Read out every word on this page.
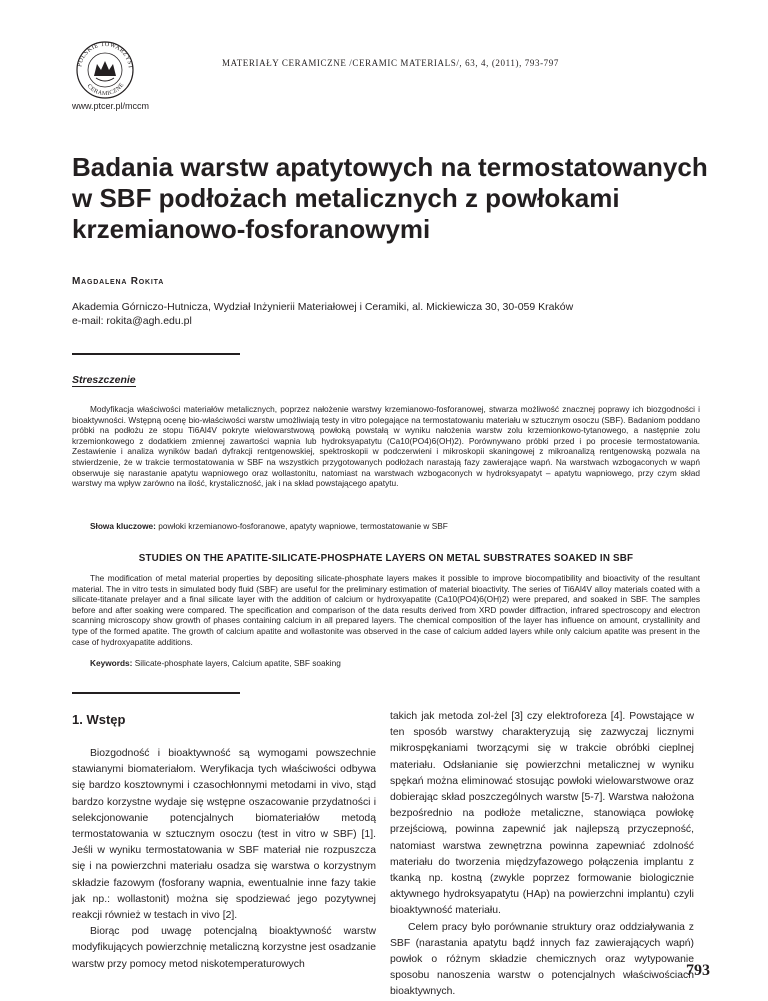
POLSKIE TOWARZYST
CERAMICZNE
MATERIAŁY CERAMICZNE /CERAMIC MATERIALS/, 63, 4, (2011), 793-797
www.ptcer.pl/mccm
Badania warstw apatytowych na termostatowanych w SBF podłożach metalicznych z powłokami krzemianowo-fosforanowymi
Magdalena Rokita
Akademia Górniczo-Hutnicza, Wydział Inżynierii Materiałowej i Ceramiki, al. Mickiewicza 30, 30-059 Kraków
e-mail: rokita@agh.edu.pl
Streszczenie

Modyfikacja właściwości materiałów metalicznych, poprzez nałożenie warstwy krzemianowo-fosforanowej, stwarza możliwość znacznej poprawy ich biozgodności i bioaktywności. Wstępną ocenę bio-właściwości warstw umożliwiają testy in vitro polegające na termostatowaniu materiału w sztucznym osoczu (SBF). Badaniom poddano próbki na podłożu ze stopu Ti6Al4V pokryte wielowarstwową powłoką powstałą w wyniku nałożenia warstw zolu krzemionkowo-tytanowego, a następnie zolu krzemionkowego z dodatkiem zmiennej zawartości wapnia lub hydroksyapatytu (Ca10(PO4)6(OH)2). Porównywano próbki przed i po procesie termostatowania. Zestawienie i analiza wyników badań dyfrakcji rentgenowskiej, spektroskopii w podczerwieni i mikroskopii skaningowej z mikroanalizą rentgenowską pozwala na stwierdzenie, że w trakcie termostatowania w SBF na wszystkich przygotowanych podłożach narastają fazy zawierające wapń. Na warstwach wzbogaconych w wapń obserwuje się narastanie apatytu wapniowego oraz wollastonitu, natomiast na warstwach wzbogaconych w hydroksyapatyt – apatytu wapniowego, przy czym skład warstwy ma wpływ zarówno na ilość, krystaliczność, jak i na skład powstającego apatytu.

Słowa kluczowe: powłoki krzemianowo-fosforanowe, apatyty wapniowe, termostatowanie w SBF
STUDIES ON THE APATITE-SILICATE-PHOSPHATE LAYERS ON METAL SUBSTRATES SOAKED IN SBF

The modification of metal material properties by depositing silicate-phosphate layers makes it possible to improve biocompatibility and bioactivity of the resultant material. The in vitro tests in simulated body fluid (SBF) are useful for the preliminary estimation of material bioactivity. The series of Ti6Al4V alloy materials coated with a silicate-titanate prelayer and a final silicate layer with the addition of calcium or hydroxyapatite (Ca10(PO4)6(OH)2) were prepared, and soaked in SBF. The samples before and after soaking were compared. The specification and comparison of the data results derived from XRD powder diffraction, infrared spectroscopy and electron scanning microscopy show growth of phases containing calcium in all prepared layers. The chemical composition of the layer has influence on amount, crystallinity and type of the formed apatite. The growth of calcium apatite and wollastonite was observed in the case of calcium added layers while only calcium apatite was present in the case of hydroxyapatite additions.

Keywords: Silicate-phosphate layers, Calcium apatite, SBF soaking
1. Wstęp

Biozgodność i bioaktywność są wymogami powszechnie stawianymi biomateriałom. Weryfikacja tych właściwości odbywa się bardzo kosztownymi i czasochłonnymi metodami in vivo, stąd bardzo korzystne wydaje się wstępne oszacowanie przydatności i selekcjonowanie potencjalnych biomateriałów metodą termostatowania w sztucznym osoczu (test in vitro w SBF) [1]. Jeśli w wyniku termostatowania w SBF materiał nie rozpuszcza się i na powierzchni materiału osadza się warstwa o korzystnym składzie fazowym (fosforany wapnia, ewentualnie inne fazy takie jak np.: wollastonit) można się spodziewać jego pozytywnej reakcji również w testach in vivo [2].

Biorąc pod uwagę potencjalną bioaktywność warstw modyfikujących powierzchnię metaliczną korzystne jest osadzanie warstw przy pomocy metod niskotemperaturowych

takich jak metoda zol-żel [3] czy elektroforeza [4]. Powstające w ten sposób warstwy charakteryzują się zazwyczaj licznymi mikrospękaniami tworzącymi się w trakcie obróbki cieplnej materiału. Odsłanianie się powierzchni metalicznej w wyniku spękań można eliminować stosując powłoki wielowarstwowe oraz dobierając skład poszczególnych warstw [5-7]. Warstwa nałożona bezpośrednio na podłoże metaliczne, stanowiąca powłokę przejściową, powinna zapewnić jak najlepszą przyczepność, natomiast warstwa zewnętrzna powinna zapewniać zdolność materiału do tworzenia międzyfazowego połączenia implantu z tkanką np. kostną (zwykle poprzez formowanie biologicznie aktywnego hydroksyapatytu (HAp) na powierzchni implantu) czyli bioaktywność materiału.

Celem pracy było porównanie struktury oraz oddziaływania z SBF (narastania apatytu bądź innych faz zawierających wapń) powłok o różnym składzie chemicznych oraz wytypowanie sposobu nanoszenia warstw o potencjalnych właściwościach bioaktywnych.

793
